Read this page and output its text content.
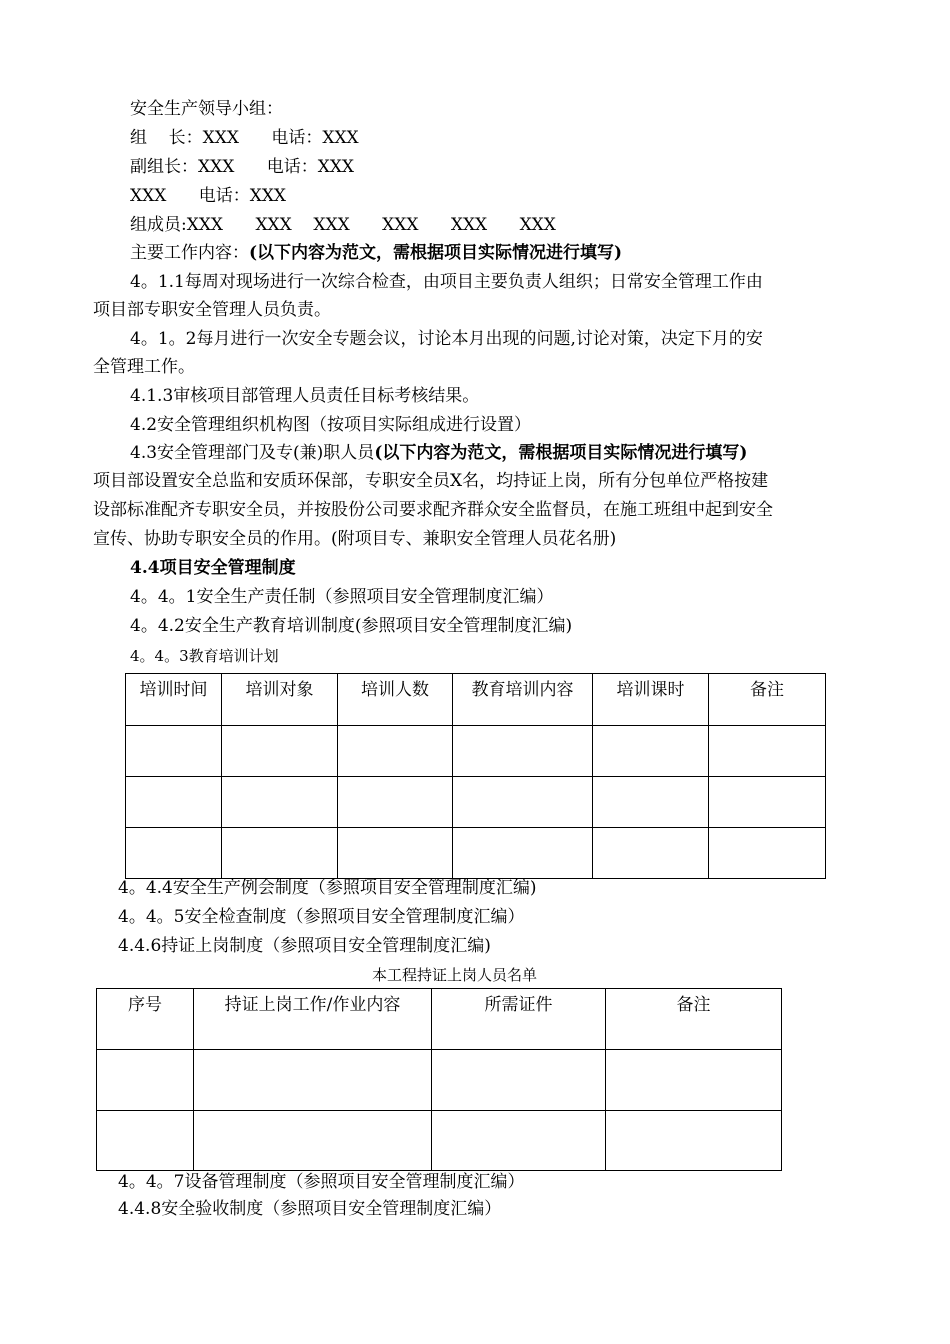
安全生产领导小组：
组    长：XXX      电话：XXX
副组长：XXX      电话：XXX
XXX      电话：XXX
组成员:XXX      XXX    XXX      XXX      XXX      XXX
主要工作内容：(以下内容为范文，需根据项目实际情况进行填写)
4。1.1每周对现场进行一次综合检查，由项目主要负责人组织；日常安全管理工作由
项目部专职安全管理人员负责。
4。1。2每月进行一次安全专题会议，讨论本月出现的问题,讨论对策，决定下月的安
全管理工作。
4.1.3审核项目部管理人员责任目标考核结果。
4.2安全管理组织机构图（按项目实际组成进行设置）
4.3安全管理部门及专(兼)职人员(以下内容为范文，需根据项目实际情况进行填写)
项目部设置安全总监和安质环保部，专职安全员X名，均持证上岗，所有分包单位严格按建
设部标准配齐专职安全员，并按股份公司要求配齐群众安全监督员，在施工班组中起到安全
宣传、协助专职安全员的作用。(附项目专、兼职安全管理人员花名册)
4.4项目安全管理制度
4。4。1安全生产责任制（参照项目安全管理制度汇编）
4。4.2安全生产教育培训制度(参照项目安全管理制度汇编)
4。4。3教育培训计划
培训时间	培训对象	培训人数	教育培训内容	培训课时	备注

4。4.4安全生产例会制度（参照项目安全管理制度汇编)
4。4。5安全检查制度（参照项目安全管理制度汇编）
4.4.6持证上岗制度（参照项目安全管理制度汇编)
本工程持证上岗人员名单
序号	持证上岗工作/作业内容	所需证件	备注

4。4。7设备管理制度（参照项目安全管理制度汇编）
4.4.8安全验收制度（参照项目安全管理制度汇编）
